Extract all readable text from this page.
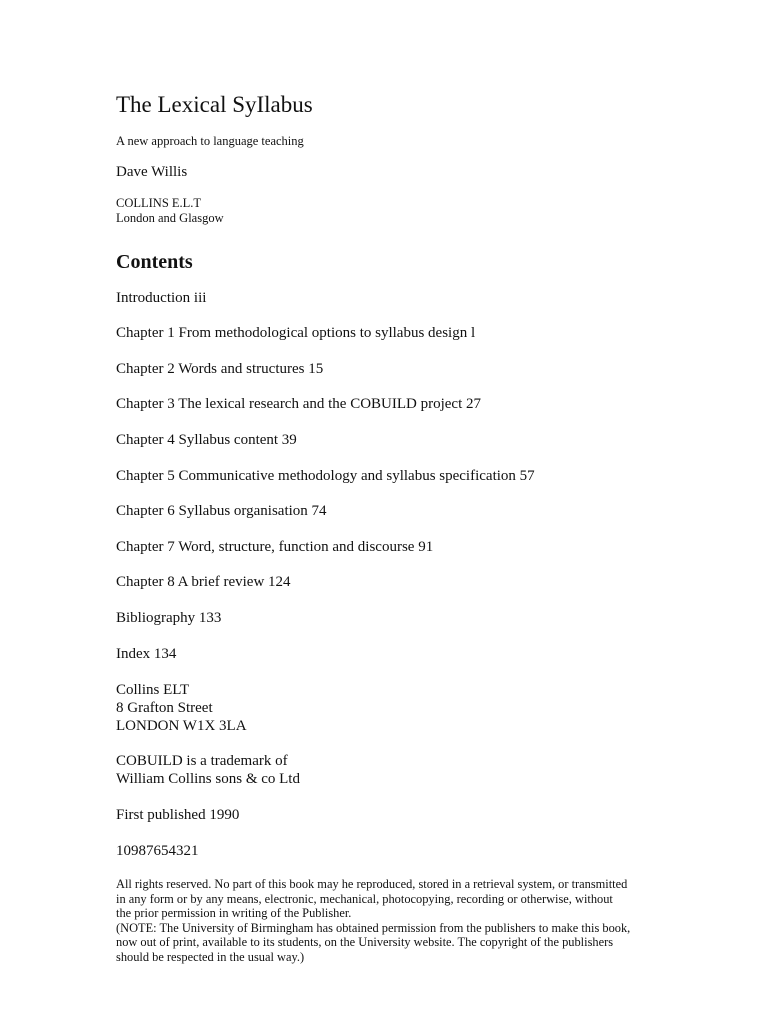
The Lexical SyIlabus
A new approach to language teaching
Dave Willis
COLLINS E.L.T
London and Glasgow
Contents
Introduction iii
Chapter 1 From methodological options to syllabus design l
Chapter 2 Words and structures 15
Chapter 3 The lexical research and the COBUILD project 27
Chapter 4 Syllabus content 39
Chapter 5 Communicative methodology and syllabus specification 57
Chapter 6 Syllabus organisation 74
Chapter 7 Word, structure, function and discourse 91
Chapter 8 A brief review 124
Bibliography 133
Index 134
Collins ELT
8 Grafton Street
LONDON W1X 3LA
COBUILD is a trademark of
William Collins sons & co Ltd
First published 1990
10987654321
All rights reserved. No part of this book may he reproduced, stored in a retrieval system, or transmitted
in any form or by any means, electronic, mechanical, photocopying, recording or otherwise, without
the prior permission in writing of the Publisher.
(NOTE: The University of Birmingham has obtained permission from the publishers to make this book,
now out of print, available to its students, on the University website. The copyright of the publishers
should be respected in the usual way.)
